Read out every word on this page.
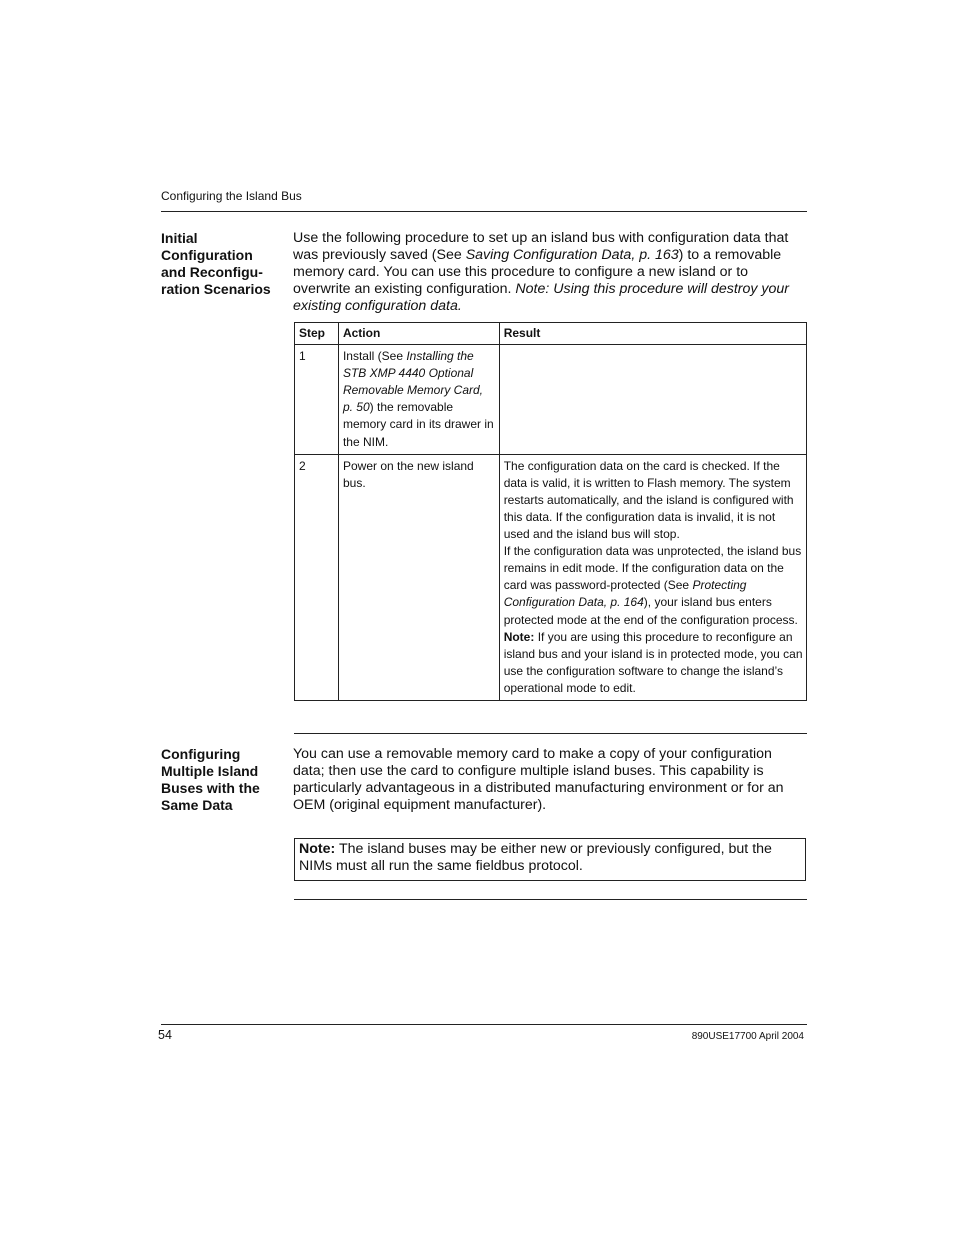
Configuring the Island Bus
Initial
Configuration
and Reconfigu-
ration Scenarios
Use the following procedure to set up an island bus with configuration data that was previously saved (See Saving Configuration Data, p. 163) to a removable memory card. You can use this procedure to configure a new island or to overwrite an existing configuration. Note: Using this procedure will destroy your existing configuration data.
Step	Action	Result
1	Install (See Installing the STB XMP 4440 Optional Removable Memory Card, p. 50) the removable memory card in its drawer in the NIM.	
2	Power on the new island bus.	The configuration data on the card is checked. If the data is valid, it is written to Flash memory. The system restarts automatically, and the island is configured with this data. If the configuration data is invalid, it is not used and the island bus will stop.

If the configuration data was unprotected, the island bus remains in edit mode. If the configuration data on the card was password-protected (See Protecting Configuration Data, p. 164), your island bus enters protected mode at the end of the configuration process.

Note: If you are using this procedure to reconfigure an island bus and your island is in protected mode, you can use the configuration software to change the island’s operational mode to edit.

Configuring
Multiple Island
Buses with the
Same Data
You can use a removable memory card to make a copy of your configuration data; then use the card to configure multiple island buses. This capability is particularly advantageous in a distributed manufacturing environment or for an OEM (original equipment manufacturer).
Note: The island buses may be either new or previously configured, but the NIMs must all run the same fieldbus protocol.
54	890USE17700 April 2004
